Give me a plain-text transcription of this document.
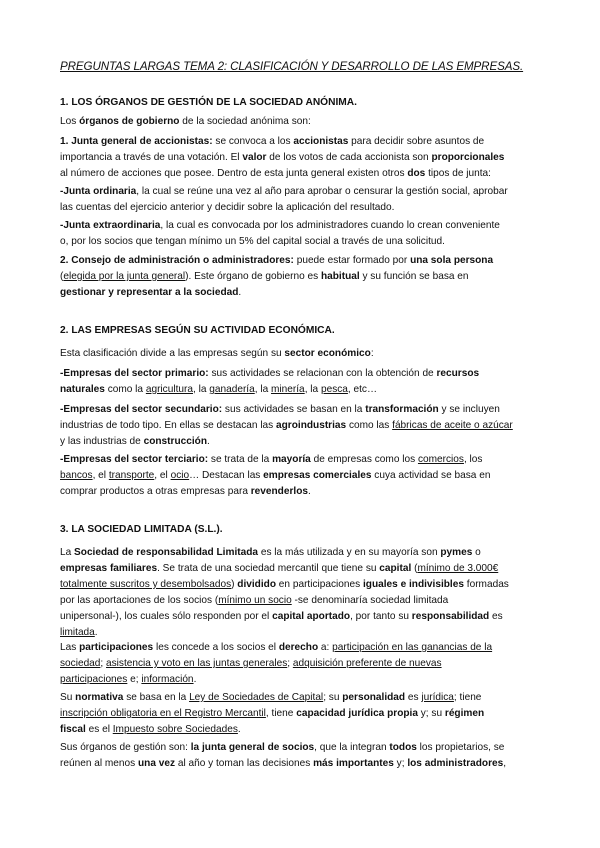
PREGUNTAS LARGAS TEMA 2: CLASIFICACIÓN Y DESARROLLO DE LAS EMPRESAS.
1. LOS ÓRGANOS DE GESTIÓN DE LA SOCIEDAD ANÓNIMA.
Los órganos de gobierno de la sociedad anónima son:
1. Junta general de accionistas: se convoca a los accionistas para decidir sobre asuntos de
importancia a través de una votación. El valor de los votos de cada accionista son proporcionales
al número de acciones que posee. Dentro de esta junta general existen otros dos tipos de junta:
-Junta ordinaria, la cual se reúne una vez al año para aprobar o censurar la gestión social, aprobar
las cuentas del ejercicio anterior y decidir sobre la aplicación del resultado.
-Junta extraordinaria, la cual es convocada por los administradores cuando lo crean conveniente
o, por los socios que tengan mínimo un 5% del capital social a través de una solicitud.
2. Consejo de administración o administradores: puede estar formado por una sola persona
(elegida por la junta general). Este órgano de gobierno es habitual y su función se basa en
gestionar y representar a la sociedad.
2. LAS EMPRESAS SEGÚN SU ACTIVIDAD ECONÓMICA.
Esta clasificación divide a las empresas según su sector económico:
-Empresas del sector primario: sus actividades se relacionan con la obtención de recursos
naturales como la agricultura, la ganadería, la minería, la pesca, etc…
-Empresas del sector secundario: sus actividades se basan en la transformación y se incluyen
industrias de todo tipo. En ellas se destacan las agroindustrias como las fábricas de aceite o azúcar
y las industrias de construcción.
-Empresas del sector terciario: se trata de la mayoría de empresas como los comercios, los
bancos, el transporte, el ocio… Destacan las empresas comerciales cuya actividad se basa en
comprar productos a otras empresas para revenderlos.
3. LA SOCIEDAD LIMITADA (S.L.).
La Sociedad de responsabilidad Limitada es la más utilizada y en su mayoría son pymes o
empresas familiares. Se trata de una sociedad mercantil que tiene su capital (mínimo de 3.000€
totalmente suscritos y desembolsados) dividido en participaciones iguales e indivisibles formadas
por las aportaciones de los socios (mínimo un socio -se denominaría sociedad limitada
unipersonal-), los cuales sólo responden por el capital aportado, por tanto su responsabilidad es
limitada.
Las participaciones les concede a los socios el derecho a: participación en las ganancias de la
sociedad; asistencia y voto en las juntas generales; adquisición preferente de nuevas
participaciones e; información.
Su normativa se basa en la Ley de Sociedades de Capital; su personalidad es jurídica; tiene
inscripción obligatoria en el Registro Mercantil, tiene capacidad jurídica propia y; su régimen
fiscal es el Impuesto sobre Sociedades.
Sus órganos de gestión son: la junta general de socios, que la integran todos los propietarios, se
reúnen al menos una vez al año y toman las decisiones más importantes y; los administradores,
